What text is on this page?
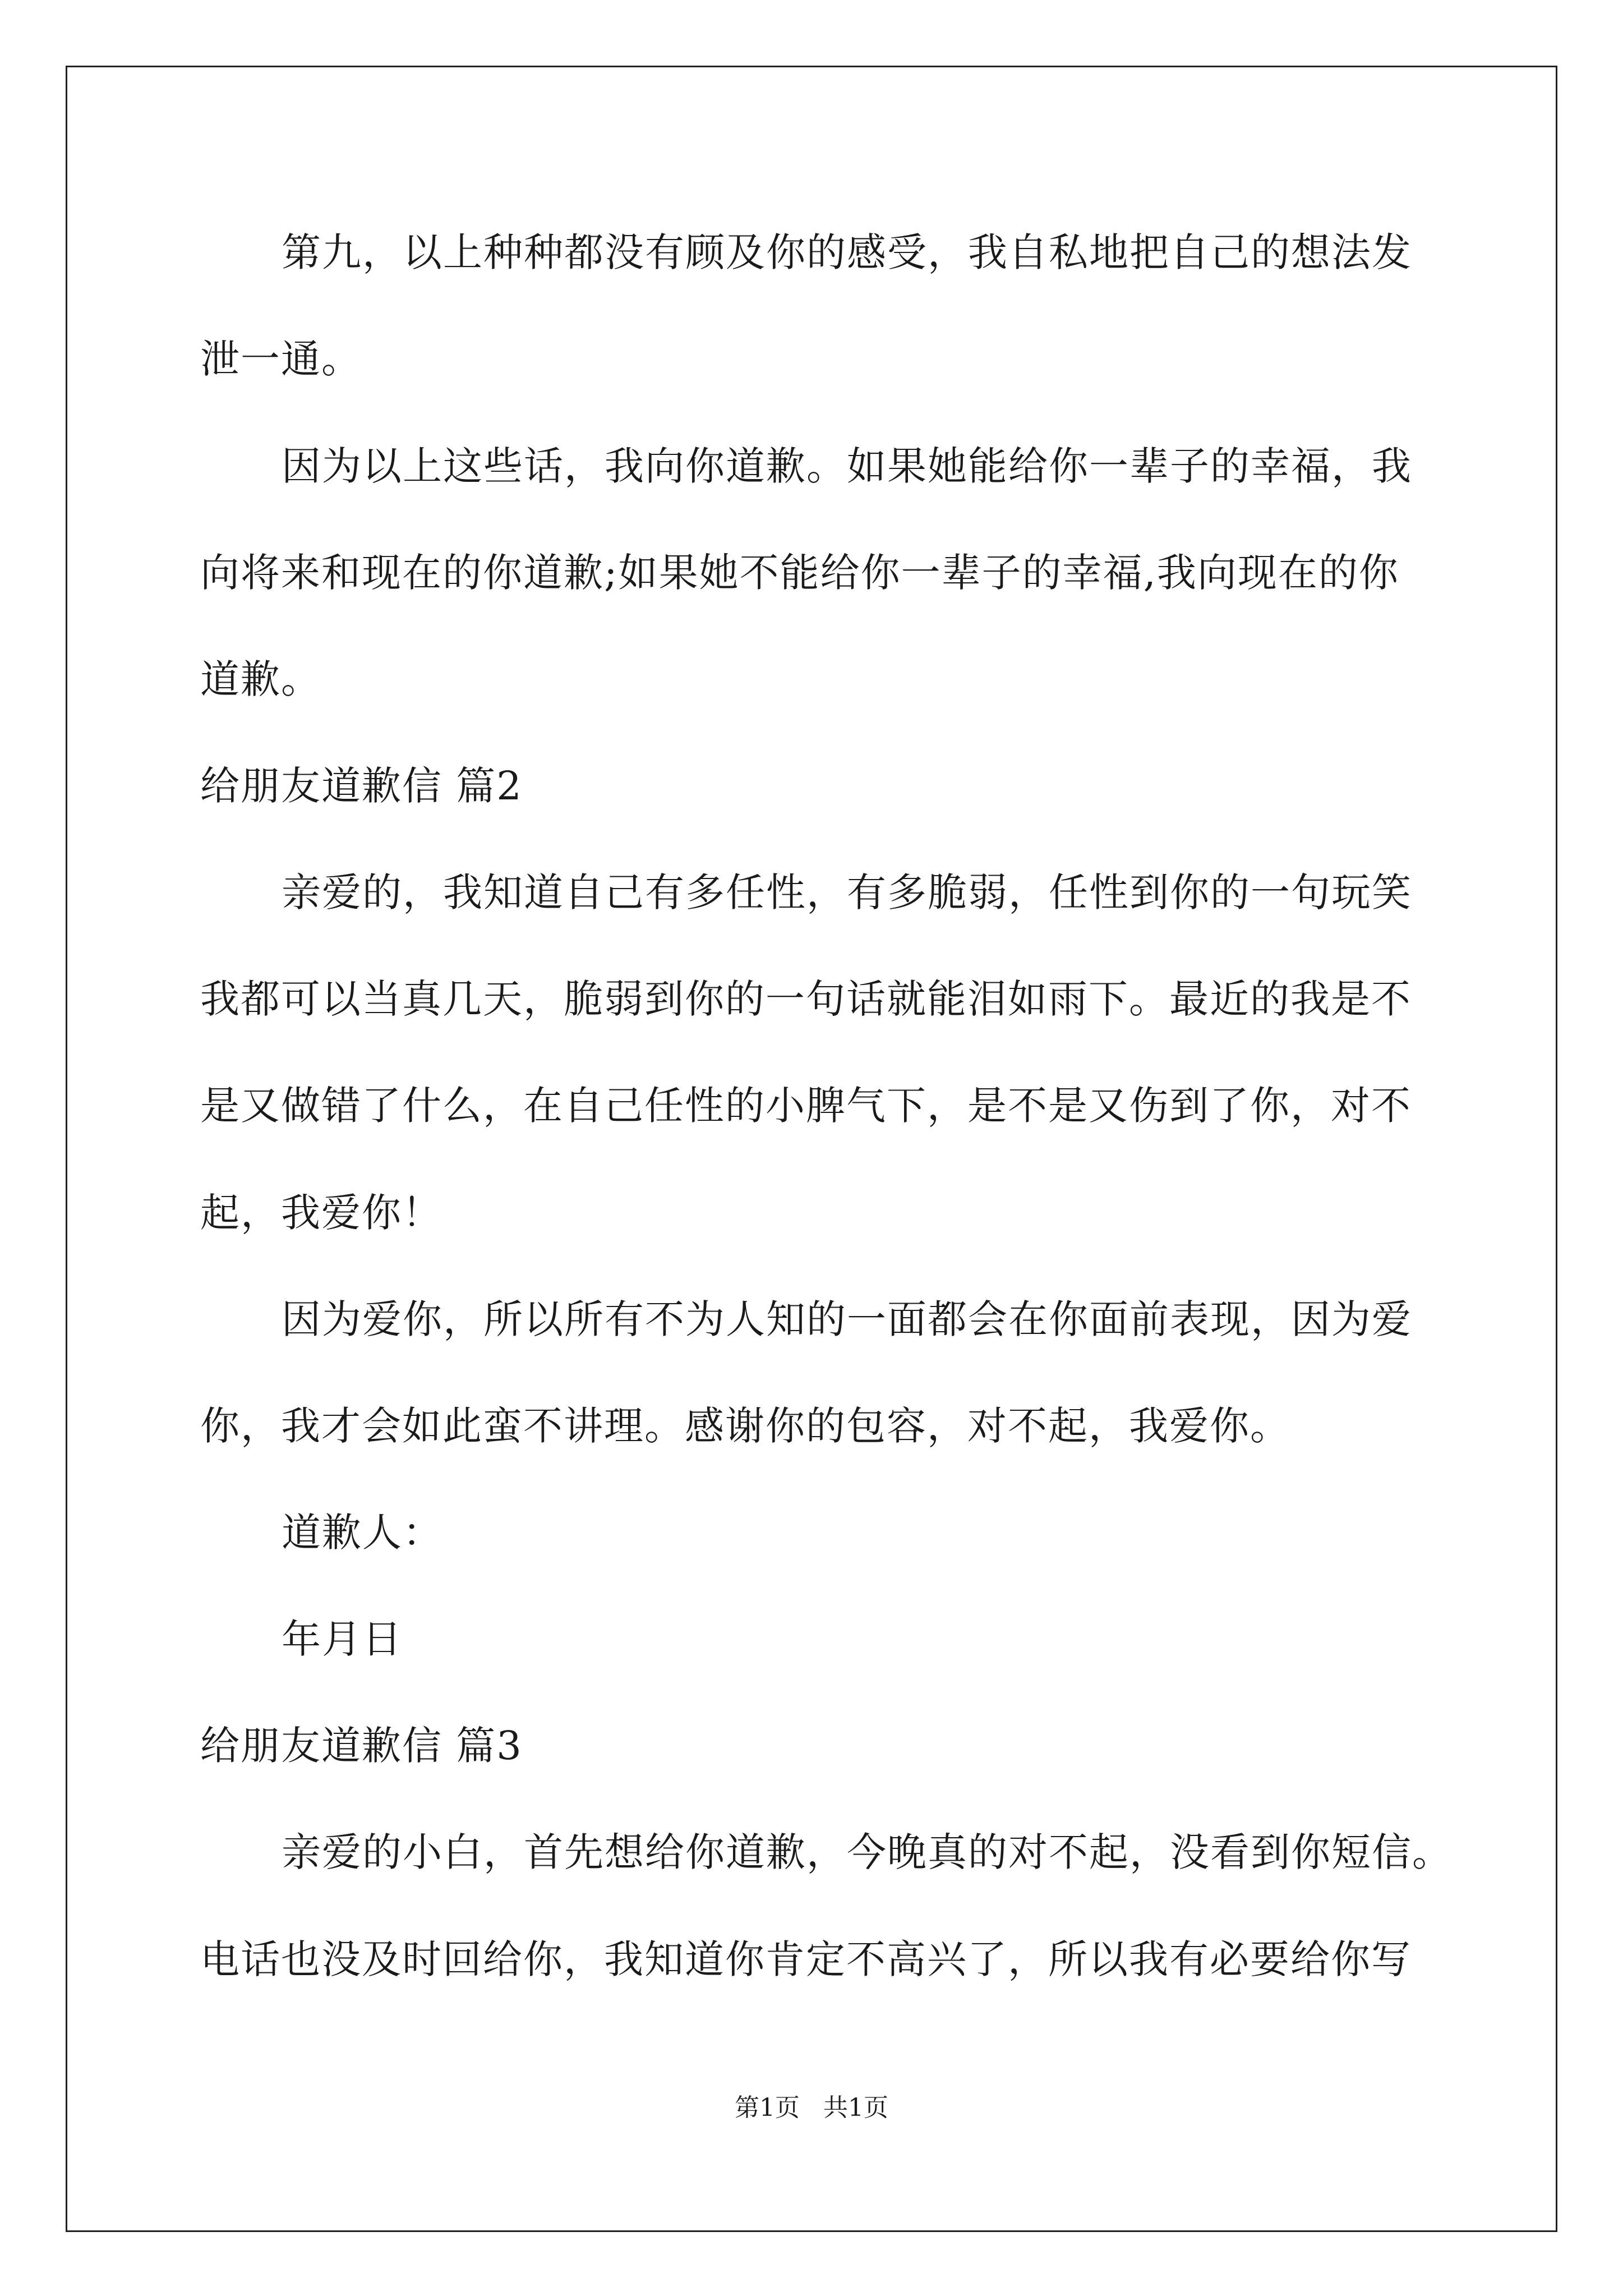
第九，以上种种都没有顾及你的感受，我自私地把自己的想法发
泄一通。
因为以上这些话，我向你道歉。如果她能给你一辈子的幸福，我
向将来和现在的你道歉;如果她不能给你一辈子的幸福,我向现在的你
道歉。
给朋友道歉信 篇2
亲爱的，我知道自己有多任性，有多脆弱，任性到你的一句玩笑
我都可以当真几天，脆弱到你的一句话就能泪如雨下。最近的我是不
是又做错了什么，在自己任性的小脾气下，是不是又伤到了你，对不
起，我爱你！
因为爱你，所以所有不为人知的一面都会在你面前表现，因为爱
你，我才会如此蛮不讲理。感谢你的包容，对不起，我爱你。
道歉人：
年月日
给朋友道歉信 篇3
亲爱的小白，首先想给你道歉，今晚真的对不起，没看到你短信。
电话也没及时回给你，我知道你肯定不高兴了，所以我有必要给你写
第1页   共1页
